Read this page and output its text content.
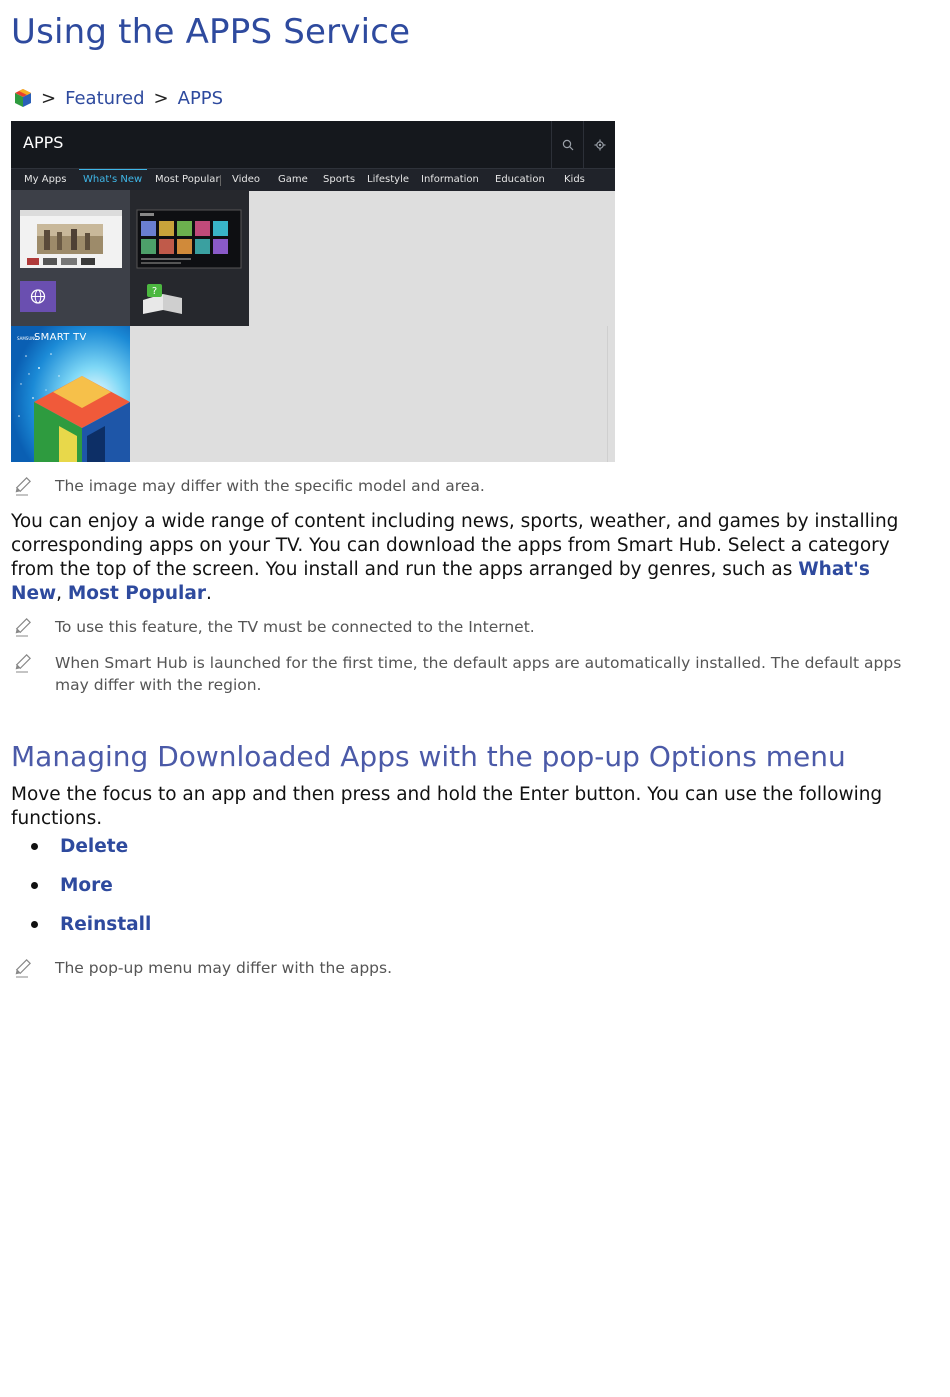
Using the APPS Service
> Featured > APPS
APPS
My Apps What's New Most Popular Video Game Sports Lifestyle Information Education Kids
?
SAMSUNG
SMART TV
The image may differ with the specific model and area.

You can enjoy a wide range of content including news, sports, weather, and games by installing corresponding apps on your TV. You can download the apps from Smart Hub. Select a category from the top of the screen. You install and run the apps arranged by genres, such as What's New, Most Popular.

To use this feature, the TV must be connected to the Internet.
When Smart Hub is launched for the first time, the default apps are automatically installed. The default apps may differ with the region.
Managing Downloaded Apps with the pop-up Options menu

Move the focus to an app and then press and hold the Enter button. You can use the following functions.

Delete
More
Reinstall
The pop-up menu may differ with the apps.
